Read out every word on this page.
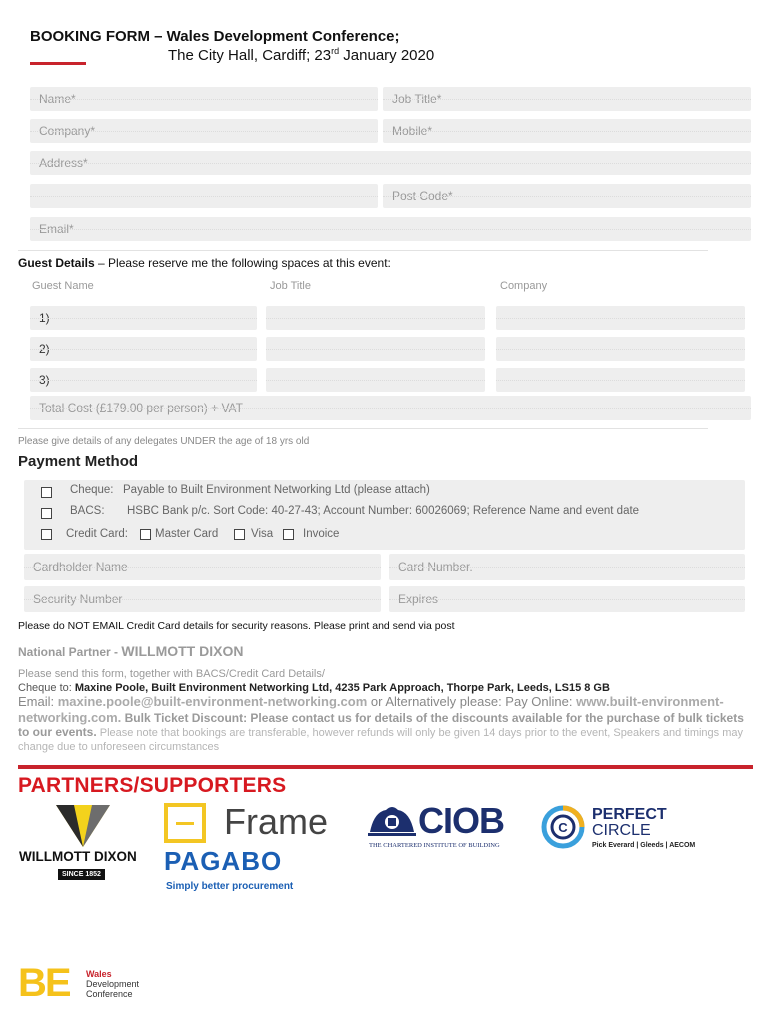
BOOKING FORM – Wales Development Conference;
The City Hall, Cardiff; 23rd January 2020
Name*	Job Title*
Company*	Mobile*
Address*
Post Code*
Email*
Guest Details – Please reserve me the following spaces at this event:
Guest Name	Job Title	Company
1)
2)
3)
Total Cost (£179.00 per person) + VAT
Please give details of any delegates UNDER the age of 18 yrs old
Payment Method
Cheque: Payable to Built Environment Networking Ltd (please attach)
BACS: HSBC Bank p/c. Sort Code: 40-27-43; Account Number: 60026069; Reference Name and event date
Credit Card: Master Card	Visa	Invoice
Cardholder Name	Card Number.
Security Number	Expires
Please do NOT EMAIL Credit Card details for security reasons. Please print and send via post
National Partner - WILLMOTT DIXON
Please send this form, together with BACS/Credit Card Details/
Cheque to: Maxine Poole, Built Environment Networking Ltd, 4235 Park Approach, Thorpe Park, Leeds, LS15 8 GB
Email: maxine.poole@built-environment-networking.com or Alternatively please: Pay Online: www.built-environment-networking.com. Bulk Ticket Discount: Please contact us for details of the discounts available for the purchase of bulk tickets to our events. Please note that bookings are transferable, however refunds will only be given 14 days prior to the event, Speakers and timings may change due to unforeseen circumstances
PARTNERS/SUPPORTERS
WILLMOTT DIXON
SINCE 1852
Frame
PAGABO
Simply better procurement
CIOB
THE CHARTERED INSTITUTE OF BUILDING
C
PERFECT
CIRCLE
Pick Everard | Gleeds | AECOM
BE Wales
Development
Conference
